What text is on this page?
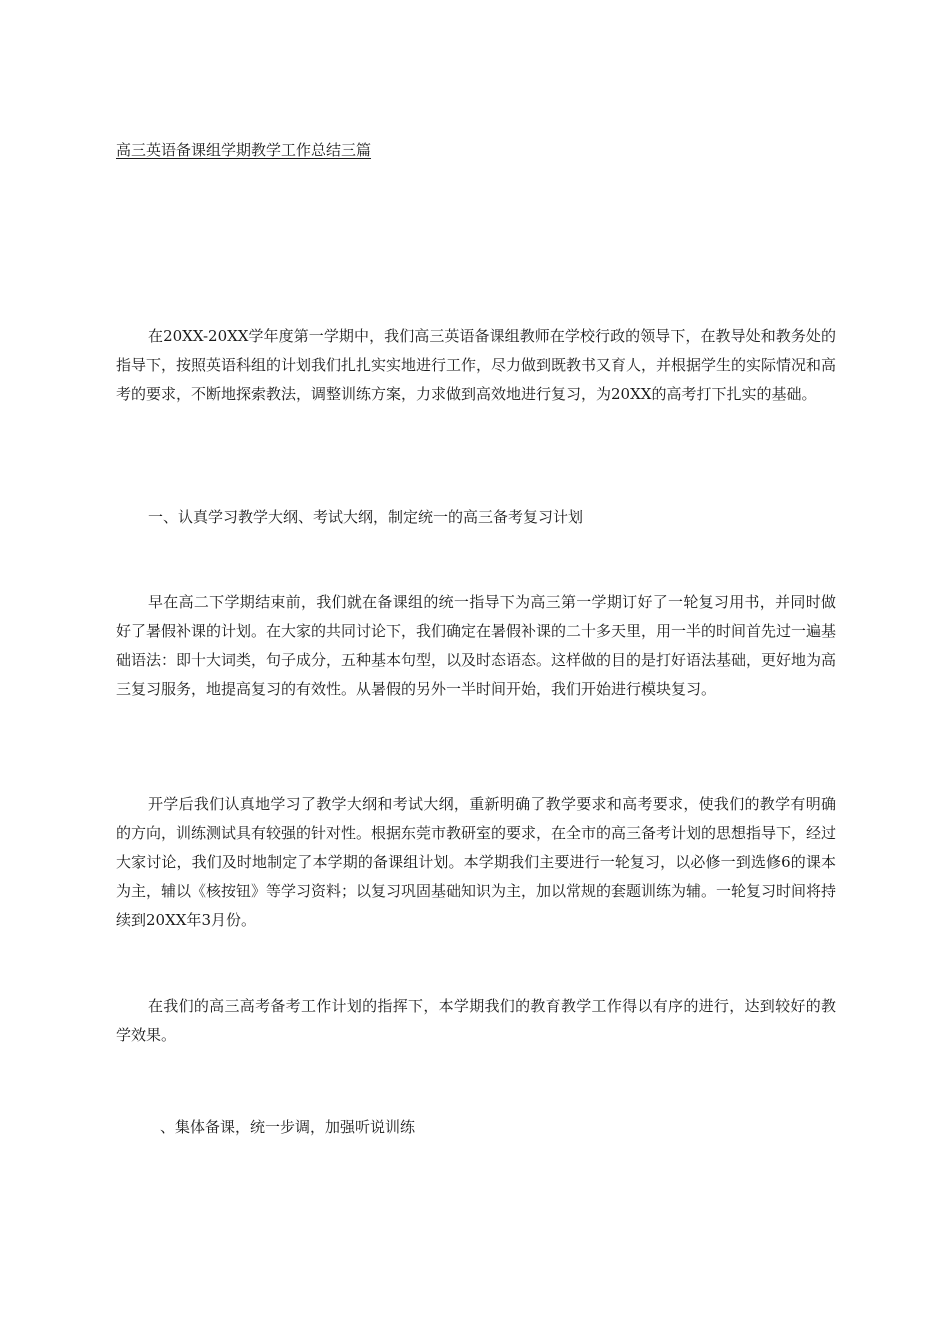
高三英语备课组学期教学工作总结三篇

在20XX-20XX学年度第一学期中，我们高三英语备课组教师在学校行政的领导下，在教导处和教务处的指导下，按照英语科组的计划我们扎扎实实地进行工作，尽力做到既教书又育人，并根据学生的实际情况和高考的要求，不断地探索教法，调整训练方案，力求做到高效地进行复习，为20XX的高考打下扎实的基础。

一、认真学习教学大纲、考试大纲，制定统一的高三备考复习计划

早在高二下学期结束前，我们就在备课组的统一指导下为高三第一学期订好了一轮复习用书，并同时做好了暑假补课的计划。在大家的共同讨论下，我们确定在暑假补课的二十多天里，用一半的时间首先过一遍基础语法：即十大词类，句子成分，五种基本句型，以及时态语态。这样做的目的是打好语法基础，更好地为高三复习服务，地提高复习的有效性。从暑假的另外一半时间开始，我们开始进行模块复习。

开学后我们认真地学习了教学大纲和考试大纲，重新明确了教学要求和高考要求，使我们的教学有明确的方向，训练测试具有较强的针对性。根据东莞市教研室的要求，在全市的高三备考计划的思想指导下，经过大家讨论，我们及时地制定了本学期的备课组计划。本学期我们主要进行一轮复习，以必修一到选修6的课本为主，辅以《核按钮》等学习资料；以复习巩固基础知识为主，加以常规的套题训练为辅。一轮复习时间将持续到20XX年3月份。

在我们的高三高考备考工作计划的指挥下，本学期我们的教育教学工作得以有序的进行，达到较好的教学效果。

、集体备课，统一步调，加强听说训练
